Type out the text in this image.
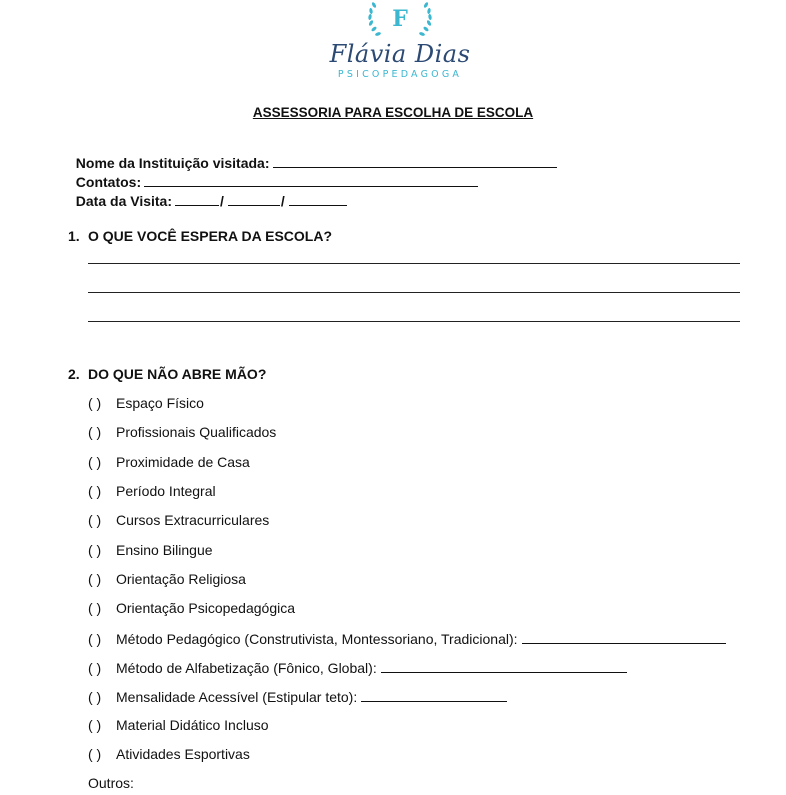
F
Flávia Dias
PSICOPEDAGOGA
ASSESSORIA PARA ESCOLHA DE ESCOLA

Nome da Instituição visitada:

Contatos:

Data da Visita:	/	/

1. O QUE VOCÊ ESPERA DA ESCOLA?
2. DO QUE NÃO ABRE MÃO?
( ) Espaço Físico
( ) Profissionais Qualificados
( ) Proximidade de Casa
( ) Período Integral
( ) Cursos Extracurriculares
( ) Ensino Bilingue
( ) Orientação Religiosa
( ) Orientação Psicopedagógica
( ) Método Pedagógico (Construtivista, Montessoriano, Tradicional):
( ) Método de Alfabetização (Fônico, Global):
( ) Mensalidade Acessível (Estipular teto):
( ) Material Didático Incluso
( ) Atividades Esportivas
Outros:
